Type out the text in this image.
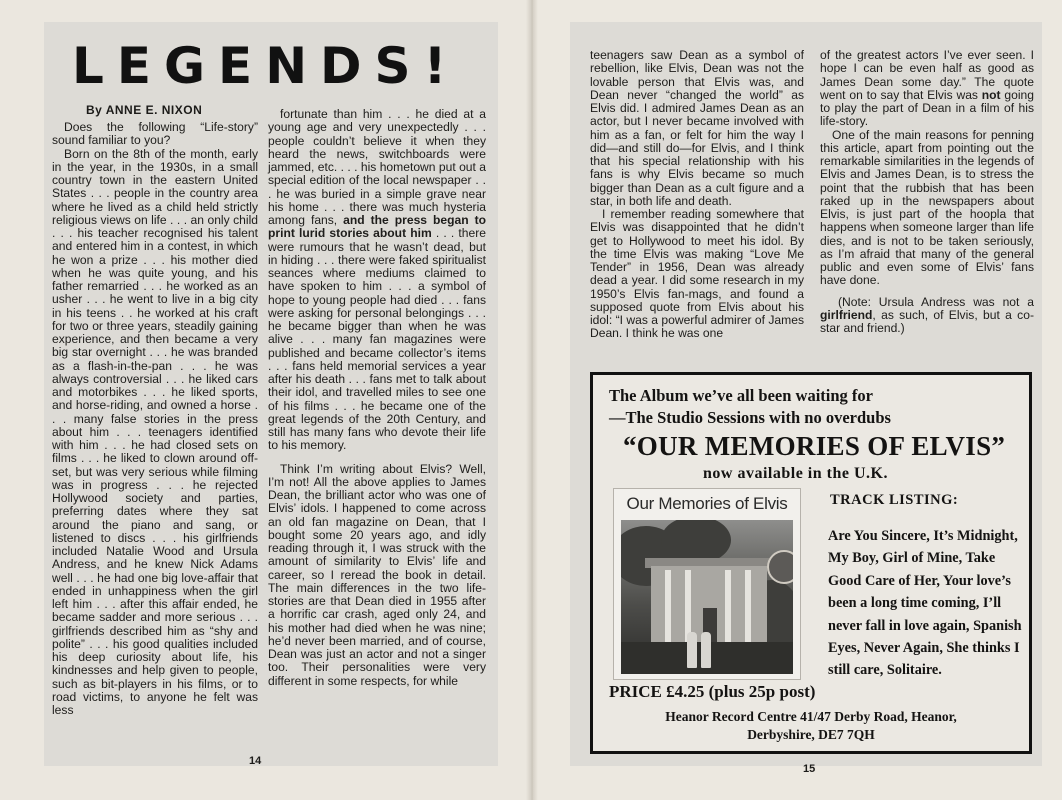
LEGENDS!
By ANNE E. NIXON

Does the following “Life-story” sound familiar to you?

Born on the 8th of the month, early in the year, in the 1930s, in a small country town in the eastern United States . . . people in the country area where he lived as a child held strictly religious views on life . . . an only child . . . his teacher recognised his talent and entered him in a contest, in which he won a prize . . . his mother died when he was quite young, and his father remarried . . . he worked as an usher . . . he went to live in a big city in his teens . . he worked at his craft for two or three years, steadily gaining experience, and then became a very big star overnight . . . he was branded as a flash-in-the-pan . . . he was always controversial . . . he liked cars and motorbikes . . . he liked sports, and horse-riding, and owned a horse . . . many false stories in the press about him . . . teenagers identified with him . . . he had closed sets on films . . . he liked to clown around off-set, but was very serious while filming was in progress . . . he rejected Hollywood society and parties, preferring dates where they sat around the piano and sang, or listened to discs . . . his girlfriends included Natalie Wood and Ursula Andress, and he knew Nick Adams well . . . he had one big love-affair that ended in unhappiness when the girl left him . . . after this affair ended, he became sadder and more serious . . . girlfriends described him as “shy and polite” . . . his good qualities included his deep curiosity about life, his kindnesses and help given to people, such as bit-players in his films, or to road victims, to anyone he felt was less

fortunate than him . . . he died at a young age and very unexpectedly . . . people couldn’t believe it when they heard the news, switchboards were jammed, etc. . . . his hometown put out a special edition of the local newspaper . . . he was buried in a simple grave near his home . . . there was much hysteria among fans, and the press began to print lurid stories about him . . . there were rumours that he wasn’t dead, but in hiding . . . there were faked spiritualist seances where mediums claimed to have spoken to him . . . a symbol of hope to young people had died . . . fans were asking for personal belongings . . . he became bigger than when he was alive . . . many fan magazines were published and became collector’s items . . . fans held memorial services a year after his death . . . fans met to talk about their idol, and travelled miles to see one of his films . . . he became one of the great legends of the 20th Century, and still has many fans who devote their life to his memory.

Think I’m writing about Elvis? Well, I’m not! All the above applies to James Dean, the brilliant actor who was one of Elvis’ idols. I happened to come across an old fan magazine on Dean, that I bought some 20 years ago, and idly reading through it, I was struck with the amount of similarity to Elvis’ life and career, so I reread the book in detail. The main differences in the two life-stories are that Dean died in 1955 after a horrific car crash, aged only 24, and his mother had died when he was nine; he’d never been married, and of course, Dean was just an actor and not a singer too. Their personalities were very different in some respects, for while

14

teenagers saw Dean as a symbol of rebellion, like Elvis, Dean was not the lovable person that Elvis was, and Dean never “changed the world” as Elvis did. I admired James Dean as an actor, but I never became involved with him as a fan, or felt for him the way I did—and still do—for Elvis, and I think that his special relationship with his fans is why Elvis became so much bigger than Dean as a cult figure and a star, in both life and death.

I remember reading somewhere that Elvis was disappointed that he didn’t get to Hollywood to meet his idol. By the time Elvis was making “Love Me Tender” in 1956, Dean was already dead a year. I did some research in my 1950’s Elvis fan-mags, and found a supposed quote from Elvis about his idol: “I was a powerful admirer of James Dean. I think he was one

of the greatest actors I’ve ever seen. I hope I can be even half as good as James Dean some day.” The quote went on to say that Elvis was not going to play the part of Dean in a film of his life-story.

One of the main reasons for penning this article, apart from pointing out the remarkable similarities in the legends of Elvis and James Dean, is to stress the point that the rubbish that has been raked up in the newspapers about Elvis, is just part of the hoopla that happens when someone larger than life dies, and is not to be taken seriously, as I’m afraid that many of the general public and even some of Elvis’ fans have done.

(Note: Ursula Andress was not a girlfriend, as such, of Elvis, but a co-star and friend.)

The Album we’ve all been waiting for
—The Studio Sessions with no overdubs
“OUR MEMORIES OF ELVIS”
now available in the U.K.
Our Memories of Elvis	TRACK LISTING:
Are You Sincere, It’s Midnight, My Boy, Girl of Mine, Take Good Care of Her, Your love’s been a long time coming, I’ll never fall in love again, Spanish Eyes, Never Again, She thinks I still care, Solitaire.
PRICE £4.25 (plus 25p post)
Heanor Record Centre 41/47 Derby Road, Heanor,
Derbyshire, DE7 7QH
15
